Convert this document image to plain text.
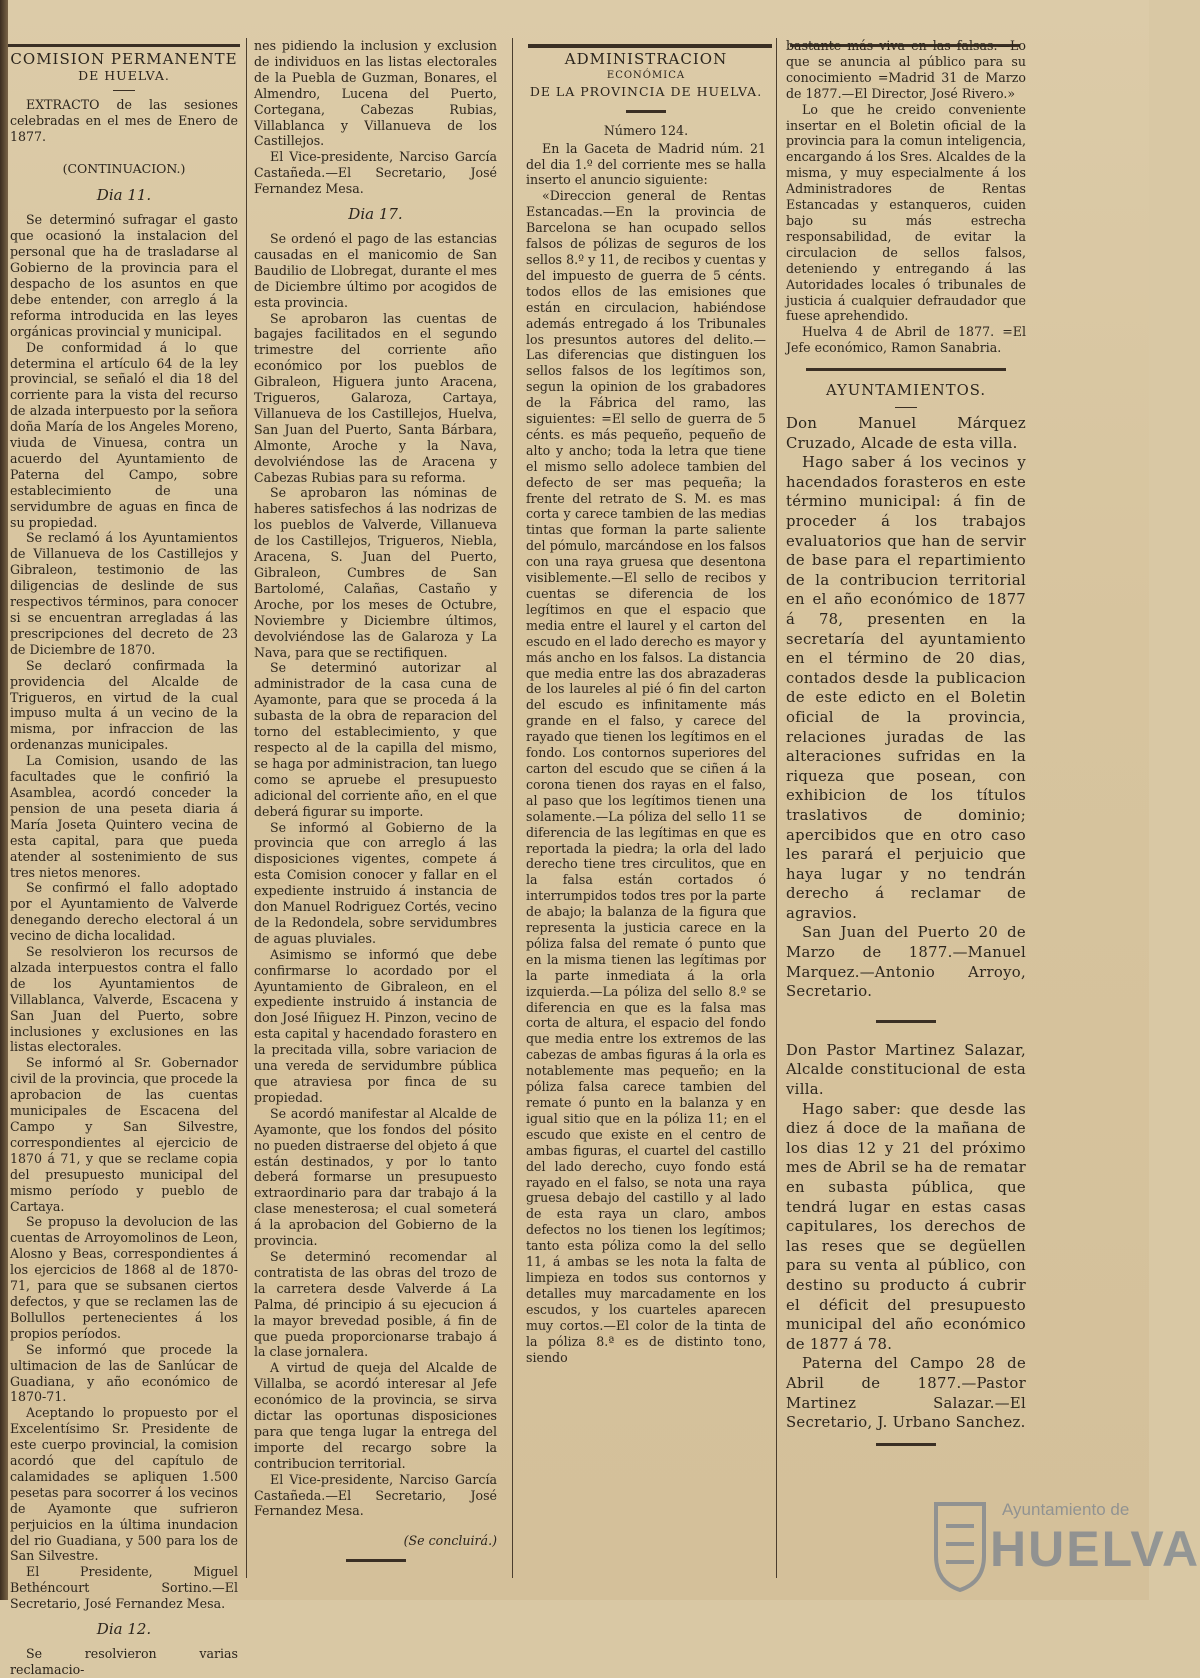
COMISION PERMANENTE

DE HUELVA.

EXTRACTO de las sesiones celebradas en el mes de Enero de 1877.

(CONTINUACION.)

Dia 11.

Se determinó sufragar el gasto que ocasionó la instalacion del personal que ha de trasladarse al Gobierno de la provincia para el despacho de los asuntos en que debe entender, con arreglo á la reforma introducida en las leyes orgánicas provincial y municipal.

De conformidad á lo que determina el artículo 64 de la ley provincial, se señaló el dia 18 del corriente para la vista del recurso de alzada interpuesto por la señora doña María de los Angeles Moreno, viuda de Vinuesa, contra un acuerdo del Ayuntamiento de Paterna del Campo, sobre establecimiento de una servidumbre de aguas en finca de su propiedad.

Se reclamó á los Ayuntamientos de Villanueva de los Castillejos y Gibraleon, testimonio de las diligencias de deslinde de sus respectivos términos, para conocer si se encuentran arregladas á las prescripciones del decreto de 23 de Diciembre de 1870.

Se declaró confirmada la providencia del Alcalde de Trigueros, en virtud de la cual impuso multa á un vecino de la misma, por infraccion de las ordenanzas municipales.

La Comision, usando de las facultades que le confirió la Asamblea, acordó conceder la pension de una peseta diaria á María Joseta Quintero vecina de esta capital, para que pueda atender al sostenimiento de sus tres nietos menores.

Se confirmó el fallo adoptado por el Ayuntamiento de Valverde denegando derecho electoral á un vecino de dicha localidad.

Se resolvieron los recursos de alzada interpuestos contra el fallo de los Ayuntamientos de Villablanca, Valverde, Escacena y San Juan del Puerto, sobre inclusiones y exclusiones en las listas electorales.

Se informó al Sr. Gobernador civil de la provincia, que procede la aprobacion de las cuentas municipales de Escacena del Campo y San Silvestre, correspondientes al ejercicio de 1870 á 71, y que se reclame copia del presupuesto municipal del mismo período y pueblo de Cartaya.

Se propuso la devolucion de las cuentas de Arroyomolinos de Leon, Alosno y Beas, correspondientes á los ejercicios de 1868 al de 1870-71, para que se subsanen ciertos defectos, y que se reclamen las de Bollullos pertenecientes á los propios períodos.

Se informó que procede la ultimacion de las de Sanlúcar de Guadiana, y año económico de 1870-71.

Aceptando lo propuesto por el Excelentísimo Sr. Presidente de este cuerpo provincial, la comision acordó que del capítulo de calamidades se apliquen 1.500 pesetas para socorrer á los vecinos de Ayamonte que sufrieron perjuicios en la última inundacion del rio Guadiana, y 500 para los de San Silvestre.

El Presidente, Miguel Bethéncourt Sortino.—El Secretario, José Fernandez Mesa.

Dia 12.

Se resolvieron varias reclamacio-

nes pidiendo la inclusion y exclusion de individuos en las listas electorales de la Puebla de Guzman, Bonares, el Almendro, Lucena del Puerto, Cortegana, Cabezas Rubias, Villablanca y Villanueva de los Castillejos.

El Vice-presidente, Narciso García Castañeda.—El Secretario, José Fernandez Mesa.

Dia 17.

Se ordenó el pago de las estancias causadas en el manicomio de San Baudilio de Llobregat, durante el mes de Diciembre último por acogidos de esta provincia.

Se aprobaron las cuentas de bagajes facilitados en el segundo trimestre del corriente año económico por los pueblos de Gibraleon, Higuera junto Aracena, Trigueros, Galaroza, Cartaya, Villanueva de los Castillejos, Huelva, San Juan del Puerto, Santa Bárbara, Almonte, Aroche y la Nava, devolviéndose las de Aracena y Cabezas Rubias para su reforma.

Se aprobaron las nóminas de haberes satisfechos á las nodrizas de los pueblos de Valverde, Villanueva de los Castillejos, Trigueros, Niebla, Aracena, S. Juan del Puerto, Gibraleon, Cumbres de San Bartolomé, Calañas, Castaño y Aroche, por los meses de Octubre, Noviembre y Diciembre últimos, devolviéndose las de Galaroza y La Nava, para que se rectifiquen.

Se determinó autorizar al administrador de la casa cuna de Ayamonte, para que se proceda á la subasta de la obra de reparacion del torno del establecimiento, y que respecto al de la capilla del mismo, se haga por administracion, tan luego como se apruebe el presupuesto adicional del corriente año, en el que deberá figurar su importe.

Se informó al Gobierno de la provincia que con arreglo á las disposiciones vigentes, compete á esta Comision conocer y fallar en el expediente instruido á instancia de don Manuel Rodriguez Cortés, vecino de la Redondela, sobre servidumbres de aguas pluviales.

Asimismo se informó que debe confirmarse lo acordado por el Ayuntamiento de Gibraleon, en el expediente instruido á instancia de don José Iñiguez H. Pinzon, vecino de esta capital y hacendado forastero en la precitada villa, sobre variacion de una vereda de servidumbre pública que atraviesa por finca de su propiedad.

Se acordó manifestar al Alcalde de Ayamonte, que los fondos del pósito no pueden distraerse del objeto á que están destinados, y por lo tanto deberá formarse un presupuesto extraordinario para dar trabajo á la clase menesterosa; el cual someterá á la aprobacion del Gobierno de la provincia.

Se determinó recomendar al contratista de las obras del trozo de la carretera desde Valverde á La Palma, dé principio á su ejecucion á la mayor brevedad posible, á fin de que pueda proporcionarse trabajo á la clase jornalera.

A virtud de queja del Alcalde de Villalba, se acordó interesar al Jefe económico de la provincia, se sirva dictar las oportunas disposiciones para que tenga lugar la entrega del importe del recargo sobre la contribucion territorial.

El Vice-presidente, Narciso García Castañeda.—El Secretario, José Fernandez Mesa.

(Se concluirá.)

ADMINISTRACION

ECONÓMICA

DE LA PROVINCIA DE HUELVA.

Número 124.

En la Gaceta de Madrid núm. 21 del dia 1.º del corriente mes se halla inserto el anuncio siguiente:

«Direccion general de Rentas Estancadas.—En la provincia de Barcelona se han ocupado sellos falsos de pólizas de seguros de los sellos 8.º y 11, de recibos y cuentas y del impuesto de guerra de 5 cénts. todos ellos de las emisiones que están en circulacion, habiéndose además entregado á los Tribunales los presuntos autores del delito.—Las diferencias que distinguen los sellos falsos de los legítimos son, segun la opinion de los grabadores de la Fábrica del ramo, las siguientes: =El sello de guerra de 5 cénts. es más pequeño, pequeño de alto y ancho; toda la letra que tiene el mismo sello adolece tambien del defecto de ser mas pequeña; la frente del retrato de S. M. es mas corta y carece tambien de las medias tintas que forman la parte saliente del pómulo, marcándose en los falsos con una raya gruesa que desentona visiblemente.—El sello de recibos y cuentas se diferencia de los legítimos en que el espacio que media entre el laurel y el carton del escudo en el lado derecho es mayor y más ancho en los falsos. La distancia que media entre las dos abrazaderas de los laureles al pié ó fin del carton del escudo es infinitamente más grande en el falso, y carece del rayado que tienen los legítimos en el fondo. Los contornos superiores del carton del escudo que se ciñen á la corona tienen dos rayas en el falso, al paso que los legítimos tienen una solamente.—La póliza del sello 11 se diferencia de las legítimas en que es reportada la piedra; la orla del lado derecho tiene tres circulitos, que en la falsa están cortados ó interrumpidos todos tres por la parte de abajo; la balanza de la figura que representa la justicia carece en la póliza falsa del remate ó punto que en la misma tienen las legítimas por la parte inmediata á la orla izquierda.—La póliza del sello 8.º se diferencia en que es la falsa mas corta de altura, el espacio del fondo que media entre los extremos de las cabezas de ambas figuras á la orla es notablemente mas pequeño; en la póliza falsa carece tambien del remate ó punto en la balanza y en igual sitio que en la póliza 11; en el escudo que existe en el centro de ambas figuras, el cuartel del castillo del lado derecho, cuyo fondo está rayado en el falso, se nota una raya gruesa debajo del castillo y al lado de esta raya un claro, ambos defectos no los tienen los legítimos; tanto esta póliza como la del sello 11, á ambas se les nota la falta de limpieza en todos sus contornos y detalles muy marcadamente en los escudos, y los cuarteles aparecen muy cortos.—El color de la tinta de la póliza 8.ª es de distinto tono, siendo

bastante más viva en las falsas.—Lo que se anuncia al público para su conocimiento =Madrid 31 de Marzo de 1877.—El Director, José Rivero.»

Lo que he creido conveniente insertar en el Boletin oficial de la provincia para la comun inteligencia, encargando á los Sres. Alcaldes de la misma, y muy especialmente á los Administradores de Rentas Estancadas y estanqueros, cuiden bajo su más estrecha responsabilidad, de evitar la circulacion de sellos falsos, deteniendo y entregando á las Autoridades locales ó tribunales de justicia á cualquier defraudador que fuese aprehendido.

Huelva 4 de Abril de 1877. =El Jefe económico, Ramon Sanabria.

AYUNTAMIENTOS.

Don Manuel Márquez Cruzado, Alcade de esta villa.

Hago saber á los vecinos y hacendados forasteros en este término municipal: á fin de proceder á los trabajos evaluatorios que han de servir de base para el repartimiento de la contribucion territorial en el año económico de 1877 á 78, presenten en la secretaría del ayuntamiento en el término de 20 dias, contados desde la publicacion de este edicto en el Boletin oficial de la provincia, relaciones juradas de las alteraciones sufridas en la riqueza que posean, con exhibicion de los títulos traslativos de dominio; apercibidos que en otro caso les parará el perjuicio que haya lugar y no tendrán derecho á reclamar de agravios.

San Juan del Puerto 20 de Marzo de 1877.—Manuel Marquez.—Antonio Arroyo, Secretario.

Don Pastor Martinez Salazar, Alcalde constitucional de esta villa.

Hago saber: que desde las diez á doce de la mañana de los dias 12 y 21 del próximo mes de Abril se ha de rematar en subasta pública, que tendrá lugar en estas casas capitulares, los derechos de las reses que se degüellen para su venta al público, con destino su producto á cubrir el déficit del presupuesto municipal del año económico de 1877 á 78.

Paterna del Campo 28 de Abril de 1877.—Pastor Martinez Salazar.—El Secretario, J. Urbano Sanchez.

Ayuntamiento de
HUELVA
